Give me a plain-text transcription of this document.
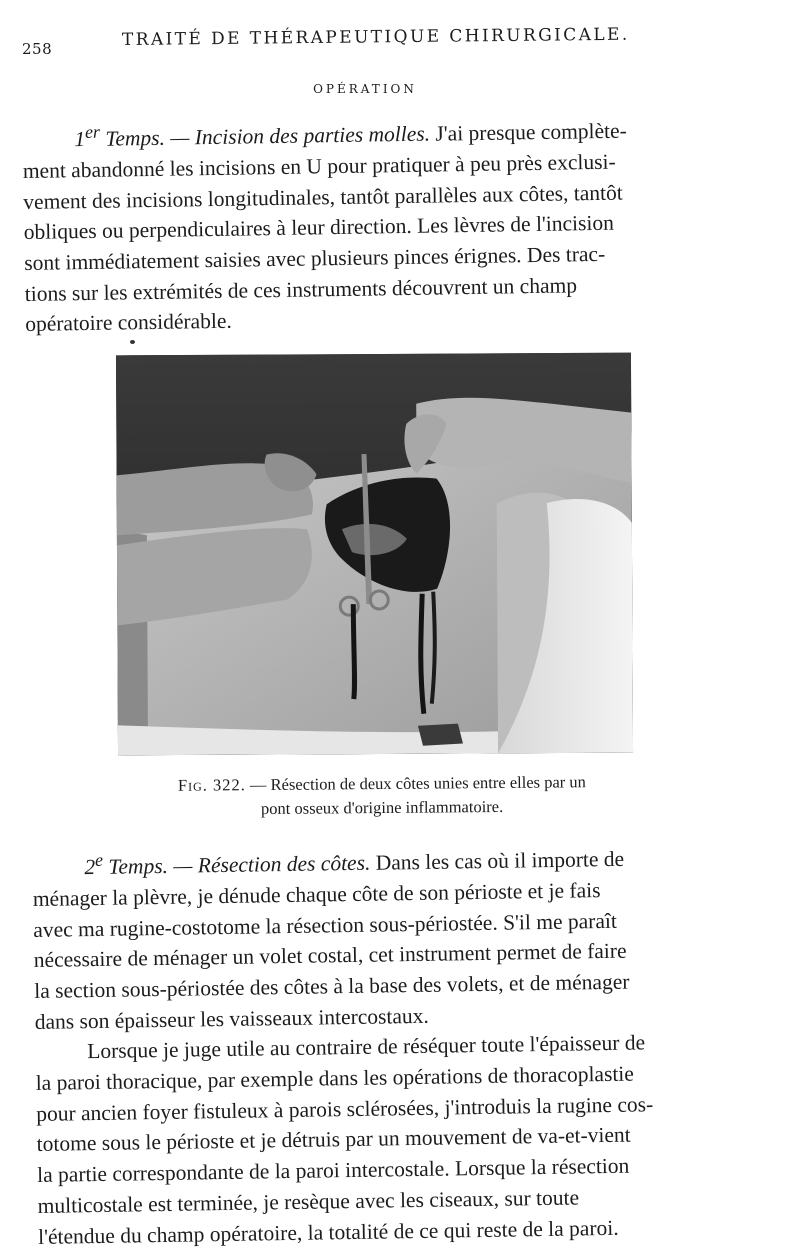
258	TRAITÉ DE THÉRAPEUTIQUE CHIRURGICALE.
OPÉRATION
1er Temps. — Incision des parties molles. J'ai presque complète-
ment abandonné les incisions en U pour pratiquer à peu près exclusi-
vement des incisions longitudinales, tantôt parallèles aux côtes, tantôt
obliques ou perpendiculaires à leur direction. Les lèvres de l'incision
sont immédiatement saisies avec plusieurs pinces érignes. Des trac-
tions sur les extrémités de ces instruments découvrent un champ
opératoire considérable.
Fig. 322. — Résection de deux côtes unies entre elles par un
pont osseux d'origine inflammatoire.
2e Temps. — Résection des côtes. Dans les cas où il importe de
ménager la plèvre, je dénude chaque côte de son périoste et je fais
avec ma rugine-costotome la résection sous-périostée. S'il me paraît
nécessaire de ménager un volet costal, cet instrument permet de faire
la section sous-périostée des côtes à la base des volets, et de ménager
dans son épaisseur les vaisseaux intercostaux.
Lorsque je juge utile au contraire de réséquer toute l'épaisseur de
la paroi thoracique, par exemple dans les opérations de thoracoplastie
pour ancien foyer fistuleux à parois sclérosées, j'introduis la rugine cos-
totome sous le périoste et je détruis par un mouvement de va-et-vient
la partie correspondante de la paroi intercostale. Lorsque la résection
multicostale est terminée, je resèque avec les ciseaux, sur toute
l'étendue du champ opératoire, la totalité de ce qui reste de la paroi.
